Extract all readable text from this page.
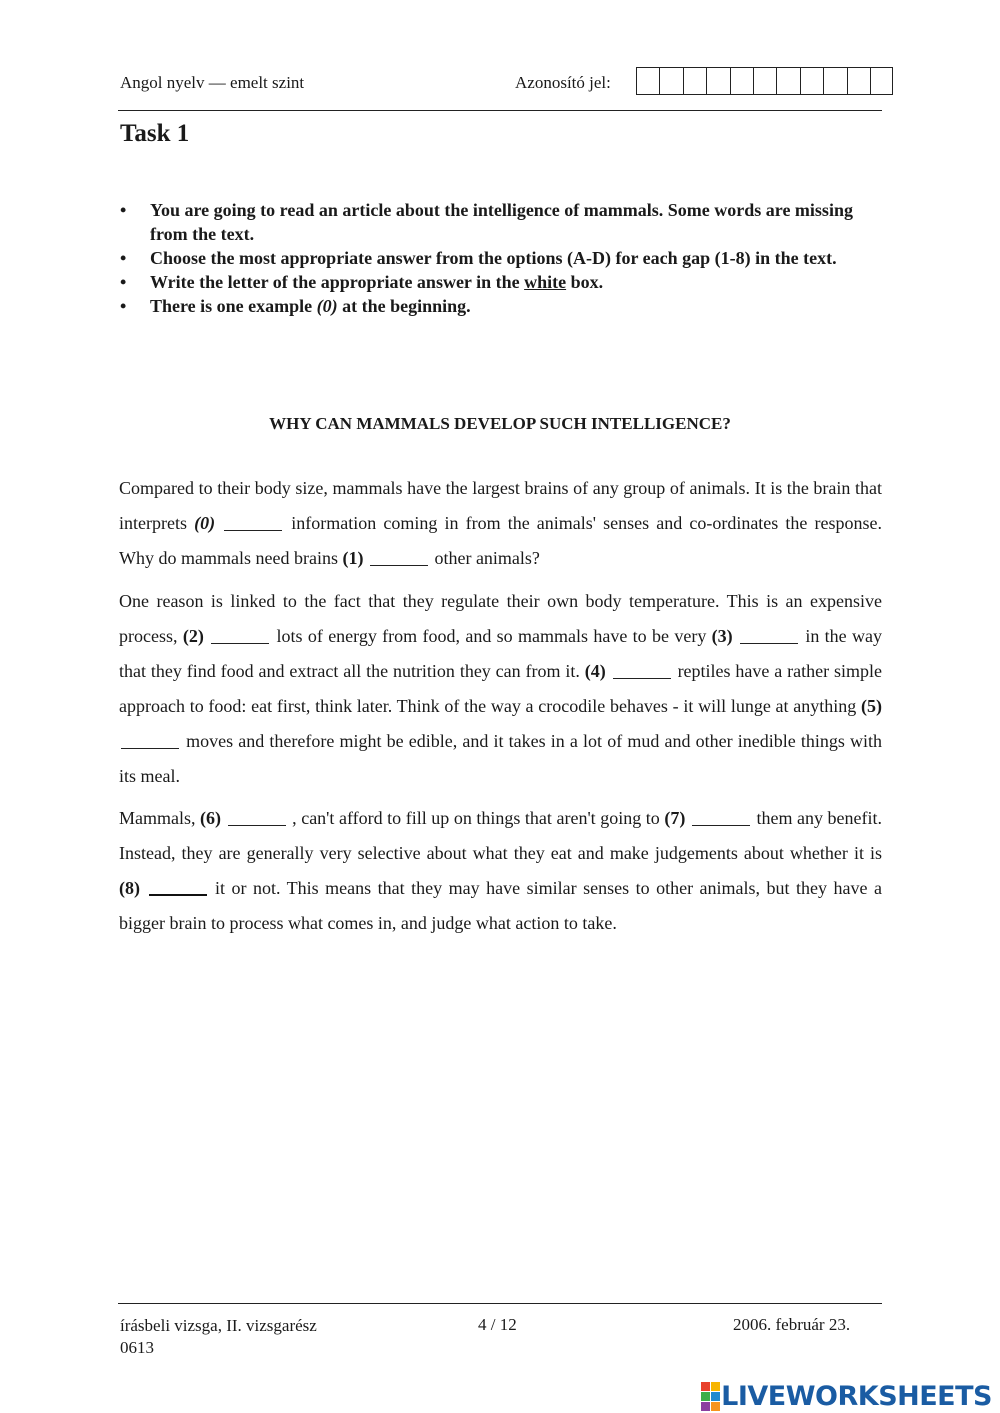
Angol nyelv — emelt szint	Azonosító jel:
Task 1
• You are going to read an article about the intelligence of mammals. Some words are missing from the text.
• Choose the most appropriate answer from the options (A-D) for each gap (1-8) in the text.
• Write the letter of the appropriate answer in the white box.
• There is one example (0) at the beginning.
WHY CAN MAMMALS DEVELOP SUCH INTELLIGENCE?

Compared to their body size, mammals have the largest brains of any group of animals. It is the brain that interprets (0)	information coming in from the animals' senses and co-ordinates the response. Why do mammals need brains (1)	other animals?

One reason is linked to the fact that they regulate their own body temperature. This is an expensive process, (2)	lots of energy from food, and so mammals have to be very (3)	in the way that they find food and extract all the nutrition they can from it. (4)	reptiles have a rather simple approach to food: eat first, think later. Think of the way a crocodile behaves - it will lunge at anything (5)  moves and therefore might be edible, and it takes in a lot of mud and other inedible things with its meal.

Mammals, (6)	, can't afford to fill up on things that aren't going to (7)	them any benefit. Instead, they are generally very selective about what they eat and make judgements about whether it is (8)	it or not. This means that they may have similar senses to other animals, but they have a bigger brain to process what comes in, and judge what action to take.

írásbeli vizsga, II. vizsgarész
0613
4 / 12	2006. február 23.
LIVEWORKSHEETS
